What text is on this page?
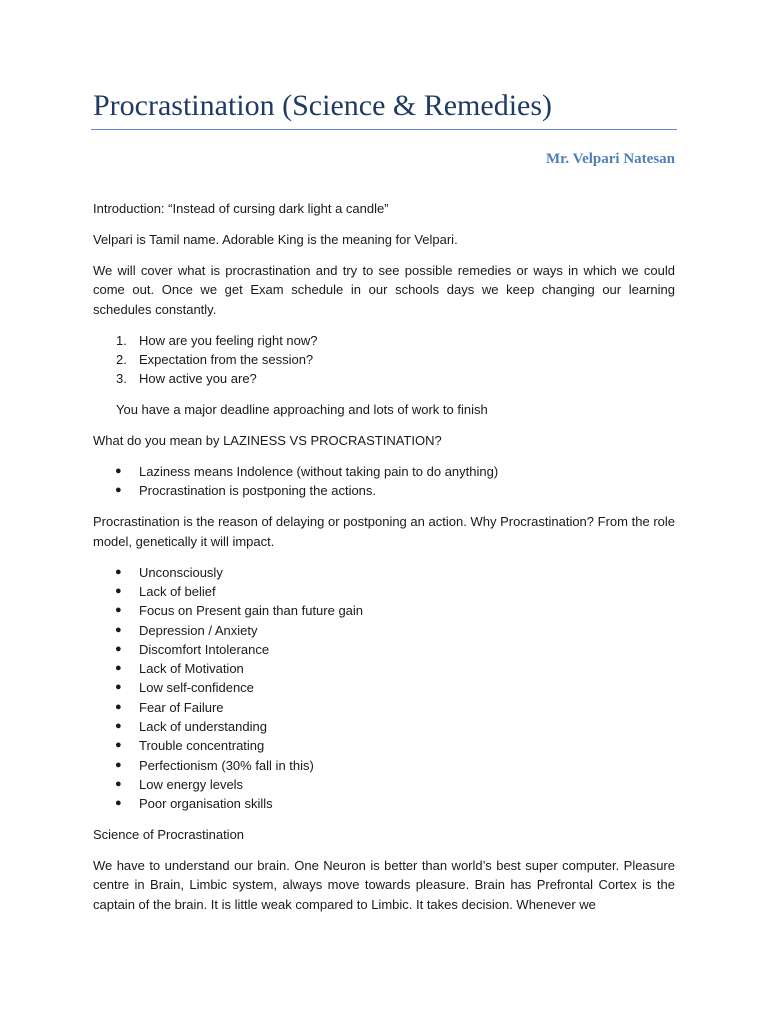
Procrastination (Science & Remedies)
Mr. Velpari Natesan

Introduction: “Instead of cursing dark light a candle”

Velpari is Tamil name. Adorable King is the meaning for Velpari.

We will cover what is procrastination and try to see possible remedies or ways in which we could come out. Once we get Exam schedule in our schools days we keep changing our learning schedules constantly.

1. How are you feeling right now?
2. Expectation from the session?
3. How active you are?

You have a major deadline approaching and lots of work to finish

What do you mean by LAZINESS VS PROCRASTINATION?

● Laziness means Indolence (without taking pain to do anything)
● Procrastination is postponing the actions.

Procrastination is the reason of delaying or postponing an action. Why Procrastination? From the role model, genetically it will impact.

● Unconsciously
● Lack of belief
● Focus on Present gain than future gain
● Depression / Anxiety
● Discomfort Intolerance
● Lack of Motivation
● Low self-confidence
● Fear of Failure
● Lack of understanding
● Trouble concentrating
● Perfectionism (30% fall in this)
● Low energy levels
● Poor organisation skills

Science of Procrastination

We have to understand our brain. One Neuron is better than world’s best super computer. Pleasure centre in Brain, Limbic system, always move towards pleasure. Brain has Prefrontal Cortex is the captain of the brain. It is little weak compared to Limbic. It takes decision. Whenever we
